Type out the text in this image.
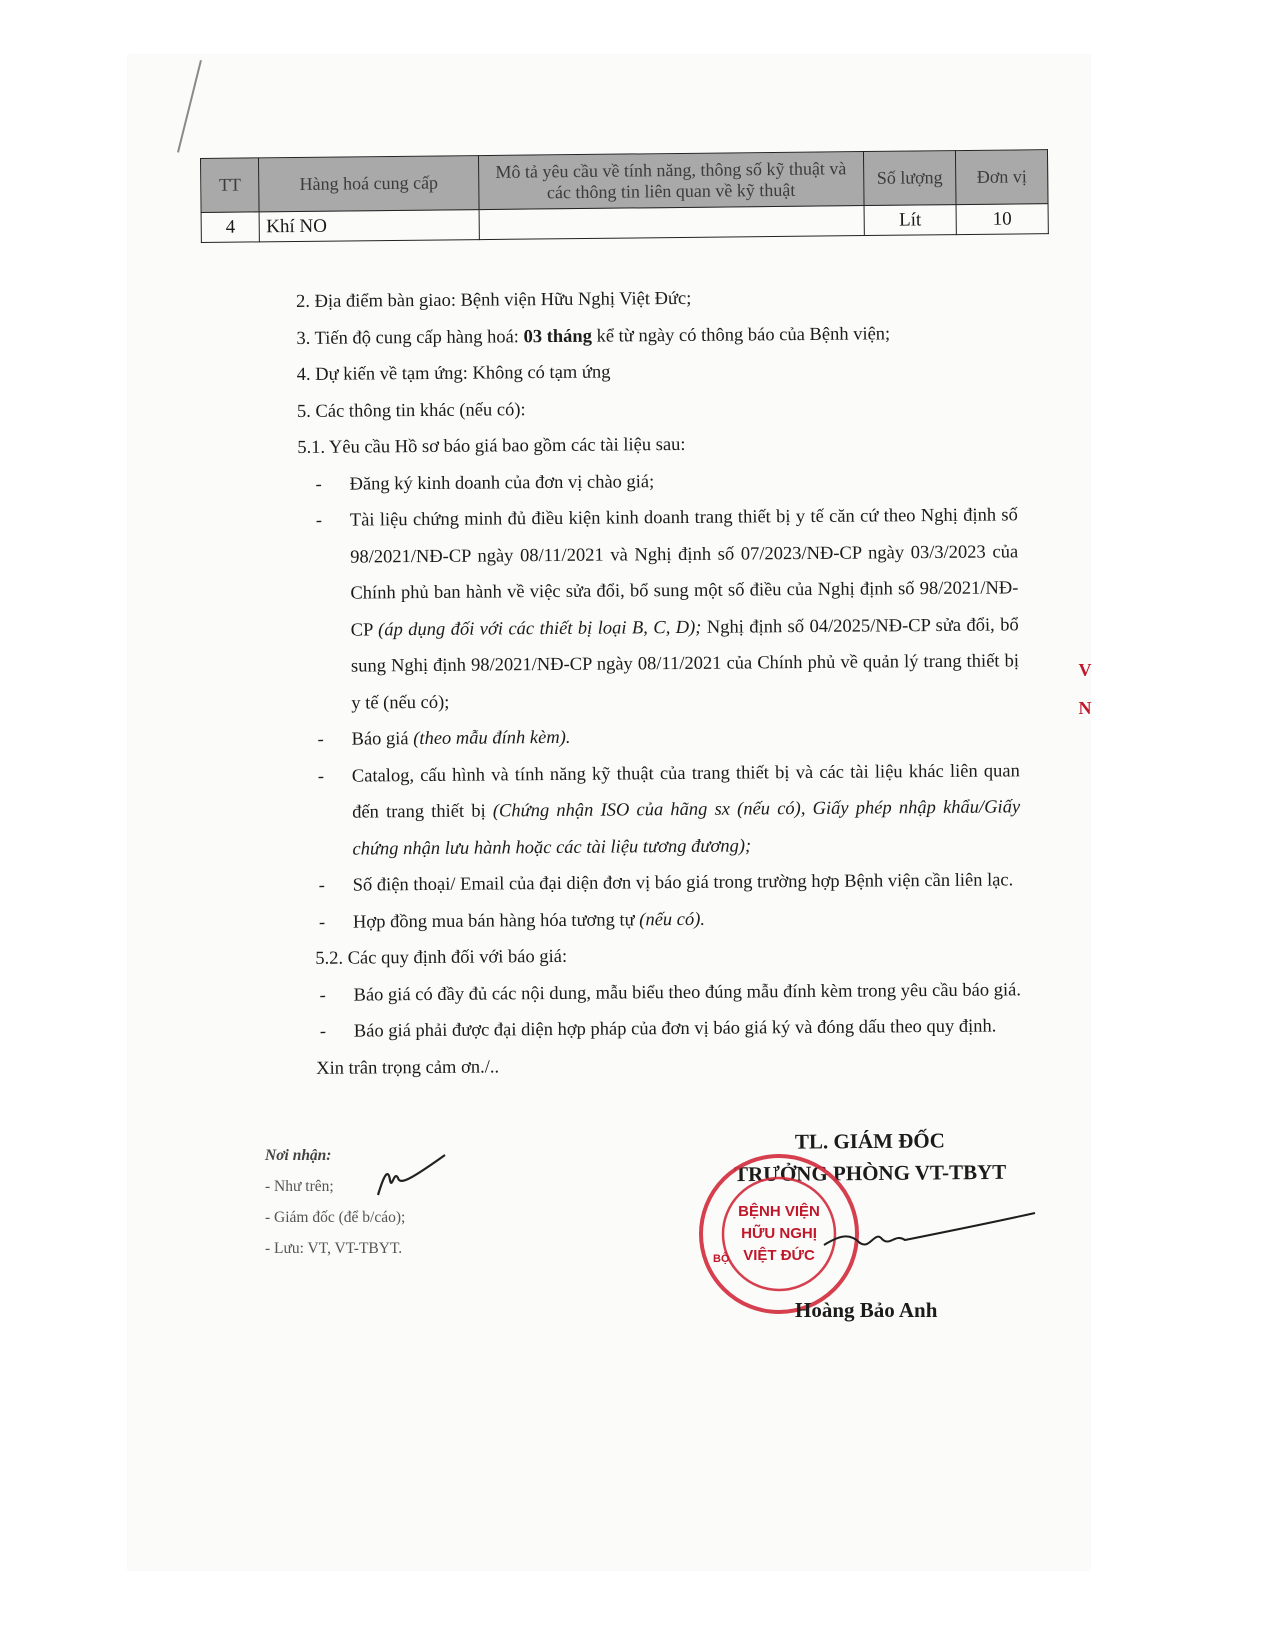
TT	Hàng hoá cung cấp	Mô tả yêu cầu về tính năng, thông số kỹ thuật và các thông tin liên quan về kỹ thuật	Số lượng	Đơn vị
4	Khí NO		Lít	10

2. Địa điểm bàn giao: Bệnh viện Hữu Nghị Việt Đức;

3. Tiến độ cung cấp hàng hoá: 03 tháng kể từ ngày có thông báo của Bệnh viện;

4. Dự kiến về tạm ứng: Không có tạm ứng

5. Các thông tin khác (nếu có):

5.1. Yêu cầu Hồ sơ báo giá bao gồm các tài liệu sau:

-	Đăng ký kinh doanh của đơn vị chào giá;
-	Tài liệu chứng minh đủ điều kiện kinh doanh trang thiết bị y tế căn cứ theo Nghị định số 98/2021/NĐ-CP ngày 08/11/2021 và Nghị định số 07/2023/NĐ-CP ngày 03/3/2023 của Chính phủ ban hành về việc sửa đổi, bổ sung một số điều của Nghị định số 98/2021/NĐ-CP (áp dụng đối với các thiết bị loại B, C, D); Nghị định số 04/2025/NĐ-CP sửa đổi, bổ sung Nghị định 98/2021/NĐ-CP ngày 08/11/2021 của Chính phủ về quản lý trang thiết bị y tế (nếu có);
-	Báo giá (theo mẫu đính kèm).
-	Catalog, cấu hình và tính năng kỹ thuật của trang thiết bị và các tài liệu khác liên quan đến trang thiết bị (Chứng nhận ISO của hãng sx (nếu có), Giấy phép nhập khẩu/Giấy chứng nhận lưu hành hoặc các tài liệu tương đương);
-	Số điện thoại/ Email của đại diện đơn vị báo giá trong trường hợp Bệnh viện cần liên lạc.
-	Hợp đồng mua bán hàng hóa tương tự (nếu có).

5.2. Các quy định đối với báo giá:

-	Báo giá có đầy đủ các nội dung, mẫu biểu theo đúng mẫu đính kèm trong yêu cầu báo giá.
-	Báo giá phải được đại diện hợp pháp của đơn vị báo giá ký và đóng dấu theo quy định.

Xin trân trọng cảm ơn./..

Nơi nhận:
- Như trên;
- Giám đốc (để b/cáo);
- Lưu: VT, VT-TBYT.
TL. GIÁM ĐỐC
TRƯỞNG PHÒNG VT-TBYT
BỆNH VIỆN
HỮU NGHỊ
VIỆT ĐỨC
BỘ
Hoàng Bảo Anh
V
N
